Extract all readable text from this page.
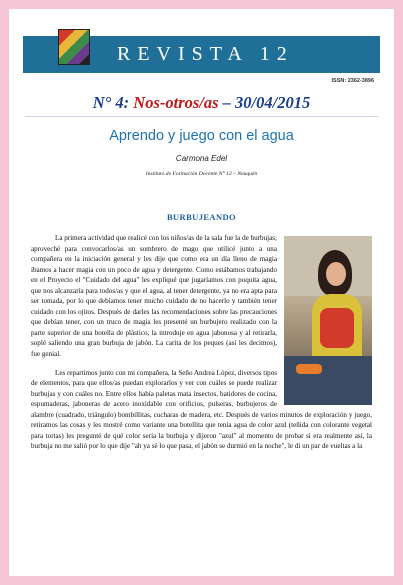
REVISTA 12
ISSN: 2362-3896
N° 4: Nos-otros/as – 30/04/2015
Aprendo y juego con el agua
Carmona Edel
Instituto de Formación Docente N° 12 – Neuquén
BURBUJEANDO

La primera actividad que realicé con los niños/as de la sala fue la de burbujas; aproveché para convocarlos/as un sombrero de mago que utilicé junto a una compañera en la iniciación general y les dije que como era un día lleno de magia íbamos a hacer magia con un poco de agua y detergente. Como estábamos trabajando en el Proyecto el "Cuidado del agua" les expliqué que jugaríamos con poquita agua, que nos alcanzaría para todos/as y que el agua, al tener detergente, ya no era apta para ser tomada, por lo que debíamos tener mucho cuidado de no hacerlo y también tener cuidado con los ojitos. Después de darles las recomendaciones sobre las precauciones que debían tener, con un truco de magia les presenté un burbujero realizado con la parte superior de una botella de plástico, la introduje en agua jabonosa y al retirarla, soplé saliendo una gran burbuja de jabón. La carita de los peques (así les decimos), fue genial.

Les repartimos junto con mi compañera, la Seño Andrea López, diversos tipos de elementos, para que ellos/as puedan explorarlos y ver con cuáles se puede realizar burbujas y con cuáles no. Entre ellos había paletas mata insectos, batidores de cocina, espumaderas, jaboneras de acero inoxidable con orificios, pulseras, burbujeros de alambre (cuadrado, triángulo) bombillitas, cucharas de madera, etc. Después de varios minutos de exploración y juego, retiramos las cosas y les mostré como variante una botellita que tenía agua de color azul (teñida con colorante vegetal para tortas) les pregunté de qué color sería la burbuja y dijeron "azul" al momento de probar si era realmente así, la burbuja no me salió por lo que dije "ah ya sé lo que pasa, el jabón se durmió en la noche", le di un par de vueltas a la
